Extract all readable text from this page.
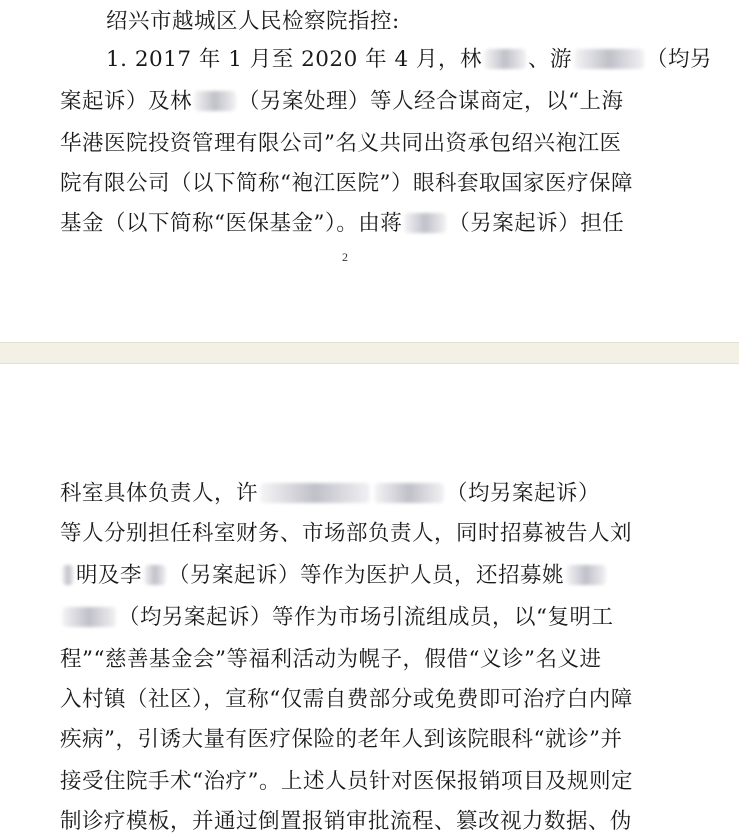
绍兴市越城区人民检察院指控:
1. 2017 年 1 月至 2020 年 4 月，林 、游	（均另
案起诉）及林 （另案处理）等人经合谋商定，以“上海
华港医院投资管理有限公司”名义共同出资承包绍兴袍江医
院有限公司（以下简称“袍江医院”）眼科套取国家医疗保障
基金（以下简称“医保基金”）。由蒋 （另案起诉）担任
2
科室具体负责人，许	（均另案起诉）
等人分别担任科室财务、市场部负责人，同时招募被告人刘
明及李 （另案起诉）等作为医护人员，还招募姚
（均另案起诉）等作为市场引流组成员，以“复明工
程”“慈善基金会”等福利活动为幌子，假借“义诊”名义进
入村镇（社区），宣称“仅需自费部分或免费即可治疗白内障
疾病”，引诱大量有医疗保险的老年人到该院眼科“就诊”并
接受住院手术“治疗”。上述人员针对医保报销项目及规则定
制诊疗模板，并通过倒置报销审批流程、篡改视力数据、伪
